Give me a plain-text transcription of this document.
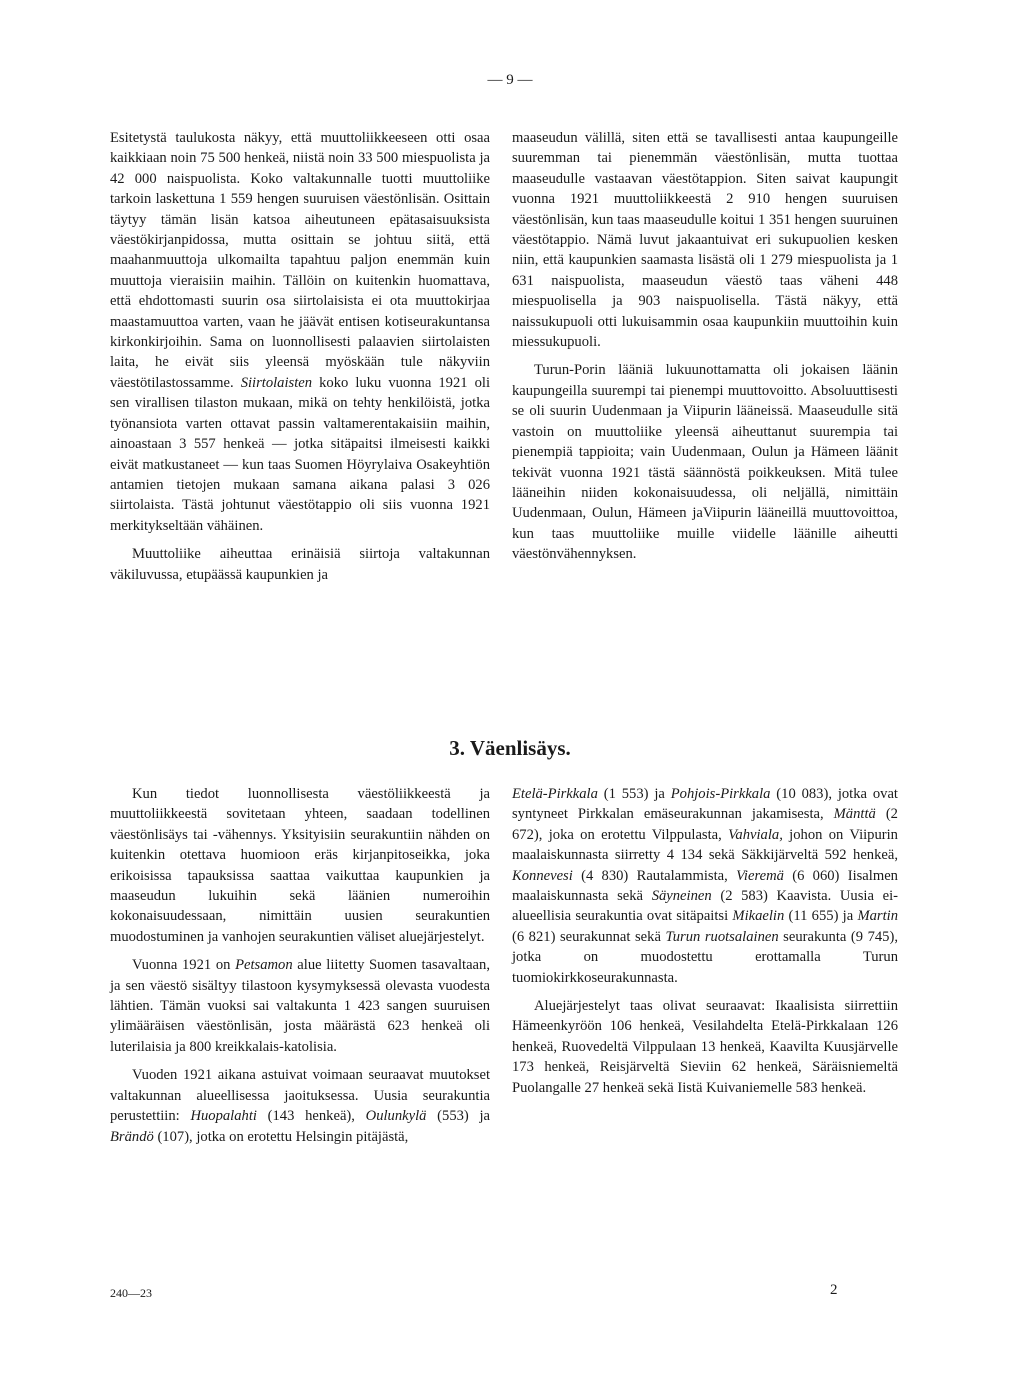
— 9 —

Esitetystä taulukosta näkyy, että muuttoliikkeeseen otti osaa kaikkiaan noin 75 500 henkeä, niistä noin 33 500 miespuolista ja 42 000 naispuolista. Koko valtakunnalle tuotti muuttoliike tarkoin laskettuna 1 559 hengen suuruisen väestönlisän. Osittain täytyy tämän lisän katsoa aiheutuneen epätasaisuuksista väestökirjanpidossa, mutta osittain se johtuu siitä, että maahanmuuttoja ulkomailta tapahtuu paljon enemmän kuin muuttoja vieraisiin maihin. Tällöin on kuitenkin huomattava, että ehdottomasti suurin osa siirtolaisista ei ota muuttokirjaa maastamuuttoa varten, vaan he jäävät entisen kotiseurakuntansa kirkonkirjoihin. Sama on luonnollisesti palaavien siirtolaisten laita, he eivät siis yleensä myöskään tule näkyviin väestötilastossamme. Siirtolaisten koko luku vuonna 1921 oli sen virallisen tilaston mukaan, mikä on tehty henkilöistä, jotka työnansiota varten ottavat passin valtamerentakaisiin maihin, ainoastaan 3 557 henkeä — jotka sitäpaitsi ilmeisesti kaikki eivät matkustaneet — kun taas Suomen Höyrylaiva Osakeyhtiön antamien tietojen mukaan samana aikana palasi 3 026 siirtolaista. Tästä johtunut väestötappio oli siis vuonna 1921 merkitykseltään vähäinen.

Muuttoliike aiheuttaa erinäisiä siirtoja valtakunnan väkiluvussa, etupäässä kaupunkien ja

maaseudun välillä, siten että se tavallisesti antaa kaupungeille suuremman tai pienemmän väestönlisän, mutta tuottaa maaseudulle vastaavan väestötappion. Siten saivat kaupungit vuonna 1921 muuttoliikkeestä 2 910 hengen suuruisen väestönlisän, kun taas maaseudulle koitui 1 351 hengen suuruinen väestötappio. Nämä luvut jakaantuivat eri sukupuolien kesken niin, että kaupunkien saamasta lisästä oli 1 279 miespuolista ja 1 631 naispuolista, maaseudun väestö taas väheni 448 miespuolisella ja 903 naispuolisella. Tästä näkyy, että naissukupuoli otti lukuisammin osaa kaupunkiin muuttoihin kuin miessukupuoli.

Turun-Porin lääniä lukuunottamatta oli jokaisen läänin kaupungeilla suurempi tai pienempi muuttovoitto. Absoluuttisesti se oli suurin Uudenmaan ja Viipurin lääneissä. Maaseudulle sitä vastoin on muuttoliike yleensä aiheuttanut suurempia tai pienempiä tappioita; vain Uudenmaan, Oulun ja Hämeen läänit tekivät vuonna 1921 tästä säännöstä poikkeuksen. Mitä tulee lääneihin niiden kokonaisuudessa, oli neljällä, nimittäin Uudenmaan, Oulun, Hämeen jaViipurin lääneillä muuttovoittoa, kun taas muuttoliike muille viidelle läänille aiheutti väestönvähennyksen.

3. Väenlisäys.

Kun tiedot luonnollisesta väestöliikkeestä ja muuttoliikkeestä sovitetaan yhteen, saadaan todellinen väestönlisäys tai -vähennys. Yksityisiin seurakuntiin nähden on kuitenkin otettava huomioon eräs kirjanpitoseikka, joka erikoisissa tapauksissa saattaa vaikuttaa kaupunkien ja maaseudun lukuihin sekä läänien numeroihin kokonaisuudessaan, nimittäin uusien seurakuntien muodostuminen ja vanhojen seurakuntien väliset aluejärjestelyt.

Vuonna 1921 on Petsamon alue liitetty Suomen tasavaltaan, ja sen väestö sisältyy tilastoon kysymyksessä olevasta vuodesta lähtien. Tämän vuoksi sai valtakunta 1 423 sangen suuruisen ylimääräisen väestönlisän, josta määrästä 623 henkeä oli luterilaisia ja 800 kreikkalais-katolisia.

Vuoden 1921 aikana astuivat voimaan seuraavat muutokset valtakunnan alueellisessa jaoituksessa. Uusia seurakuntia perustettiin: Huopalahti (143 henkeä), Oulunkylä (553) ja Brändö (107), jotka on erotettu Helsingin pitäjästä,

Etelä-Pirkkala (1 553) ja Pohjois-Pirkkala (10 083), jotka ovat syntyneet Pirkkalan emäseurakunnan jakamisesta, Mänttä (2 672), joka on erotettu Vilppulasta, Vahviala, johon on Viipurin maalaiskunnasta siirretty 4 134 sekä Säkkijärveltä 592 henkeä, Konnevesi (4 830) Rautalammista, Vieremä (6 060) Iisalmen maalaiskunnasta sekä Säyneinen (2 583) Kaavista. Uusia ei-alueellisia seurakuntia ovat sitäpaitsi Mikaelin (11 655) ja Martin (6 821) seurakunnat sekä Turun ruotsalainen seurakunta (9 745), jotka on muodostettu erottamalla Turun tuomiokirkkoseurakunnasta.

Aluejärjestelyt taas olivat seuraavat: Ikaalisista siirrettiin Hämeenkyröön 106 henkeä, Vesilahdelta Etelä-Pirkkalaan 126 henkeä, Ruovedeltä Vilppulaan 13 henkeä, Kaavilta Kuusjärvelle 173 henkeä, Reisjärveltä Sieviin 62 henkeä, Säräisniemeltä Puolangalle 27 henkeä sekä Iistä Kuivaniemelle 583 henkeä.

240—23	2
